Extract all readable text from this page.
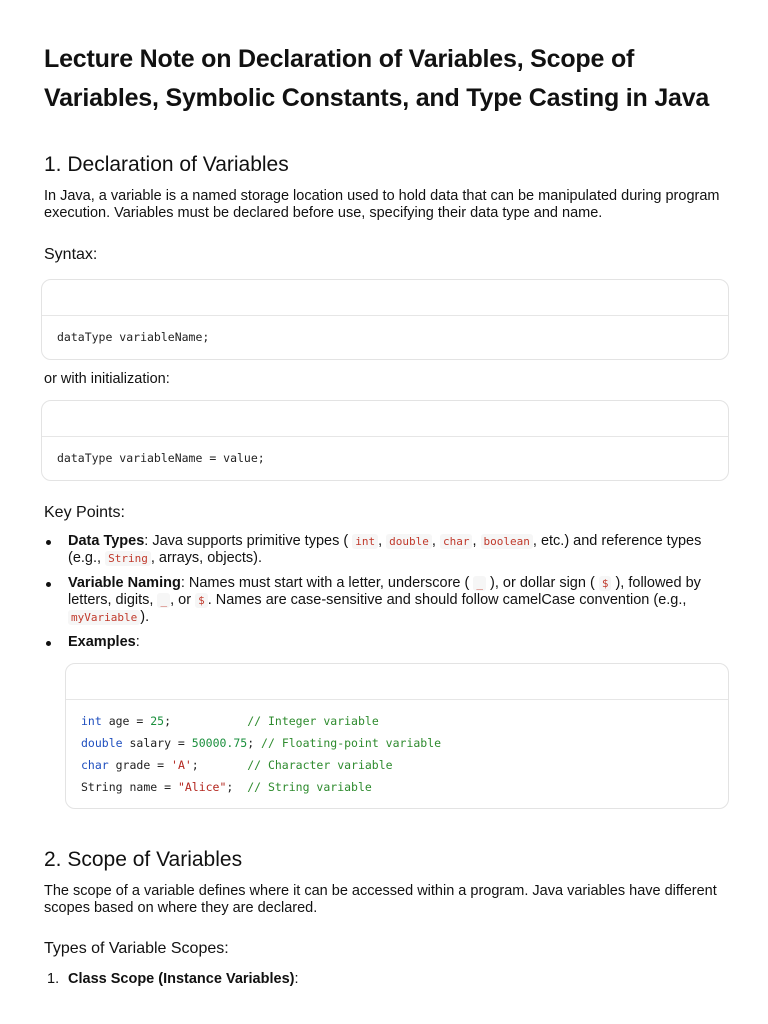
Lecture Note on Declaration of Variables, Scope of Variables, Symbolic Constants, and Type Casting in Java
1. Declaration of Variables

In Java, a variable is a named storage location used to hold data that can be manipulated during program execution. Variables must be declared before use, specifying their data type and name.

Syntax:
dataType variableName;

or with initialization:

dataType variableName = value;
Key Points:
Data Types: Java supports primitive types ( int , double , char , boolean , etc.) and reference types (e.g., String , arrays, objects).
Variable Naming: Names must start with a letter, underscore ( _ ), or dollar sign ( $ ), followed by letters, digits, _ , or $ . Names are case-sensitive and should follow camelCase convention (e.g., myVariable ).
Examples:
int age = 25;           // Integer variable
double salary = 50000.75; // Floating-point variable
char grade = 'A';       // Character variable
String name = "Alice";  // String variable
2. Scope of Variables

The scope of a variable defines where it can be accessed within a program. Java variables have different scopes based on where they are declared.

Types of Variable Scopes:
1. Class Scope (Instance Variables):
